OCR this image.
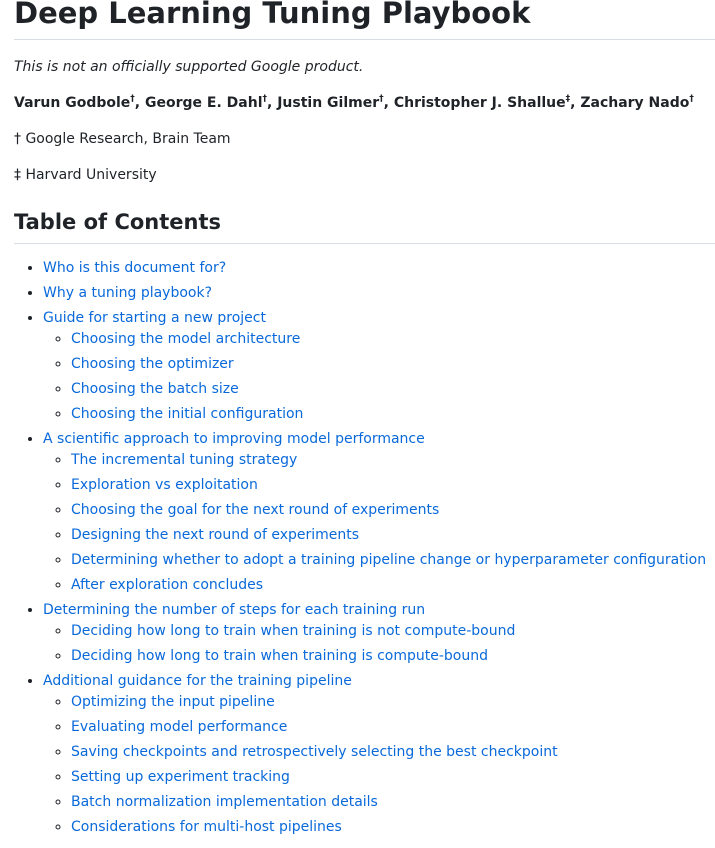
Deep Learning Tuning Playbook
This is not an officially supported Google product.
Varun Godbole†, George E. Dahl†, Justin Gilmer†, Christopher J. Shallue‡, Zachary Nado†
† Google Research, Brain Team
‡ Harvard University
Table of Contents
• Who is this document for?
• Why a tuning playbook?
• Guide for starting a new project
◦ Choosing the model architecture
◦ Choosing the optimizer
◦ Choosing the batch size
◦ Choosing the initial configuration
• A scientific approach to improving model performance
◦ The incremental tuning strategy
◦ Exploration vs exploitation
◦ Choosing the goal for the next round of experiments
◦ Designing the next round of experiments
◦ Determining whether to adopt a training pipeline change or hyperparameter configuration
◦ After exploration concludes
• Determining the number of steps for each training run
◦ Deciding how long to train when training is not compute-bound
◦ Deciding how long to train when training is compute-bound
• Additional guidance for the training pipeline
◦ Optimizing the input pipeline
◦ Evaluating model performance
◦ Saving checkpoints and retrospectively selecting the best checkpoint
◦ Setting up experiment tracking
◦ Batch normalization implementation details
◦ Considerations for multi-host pipelines
